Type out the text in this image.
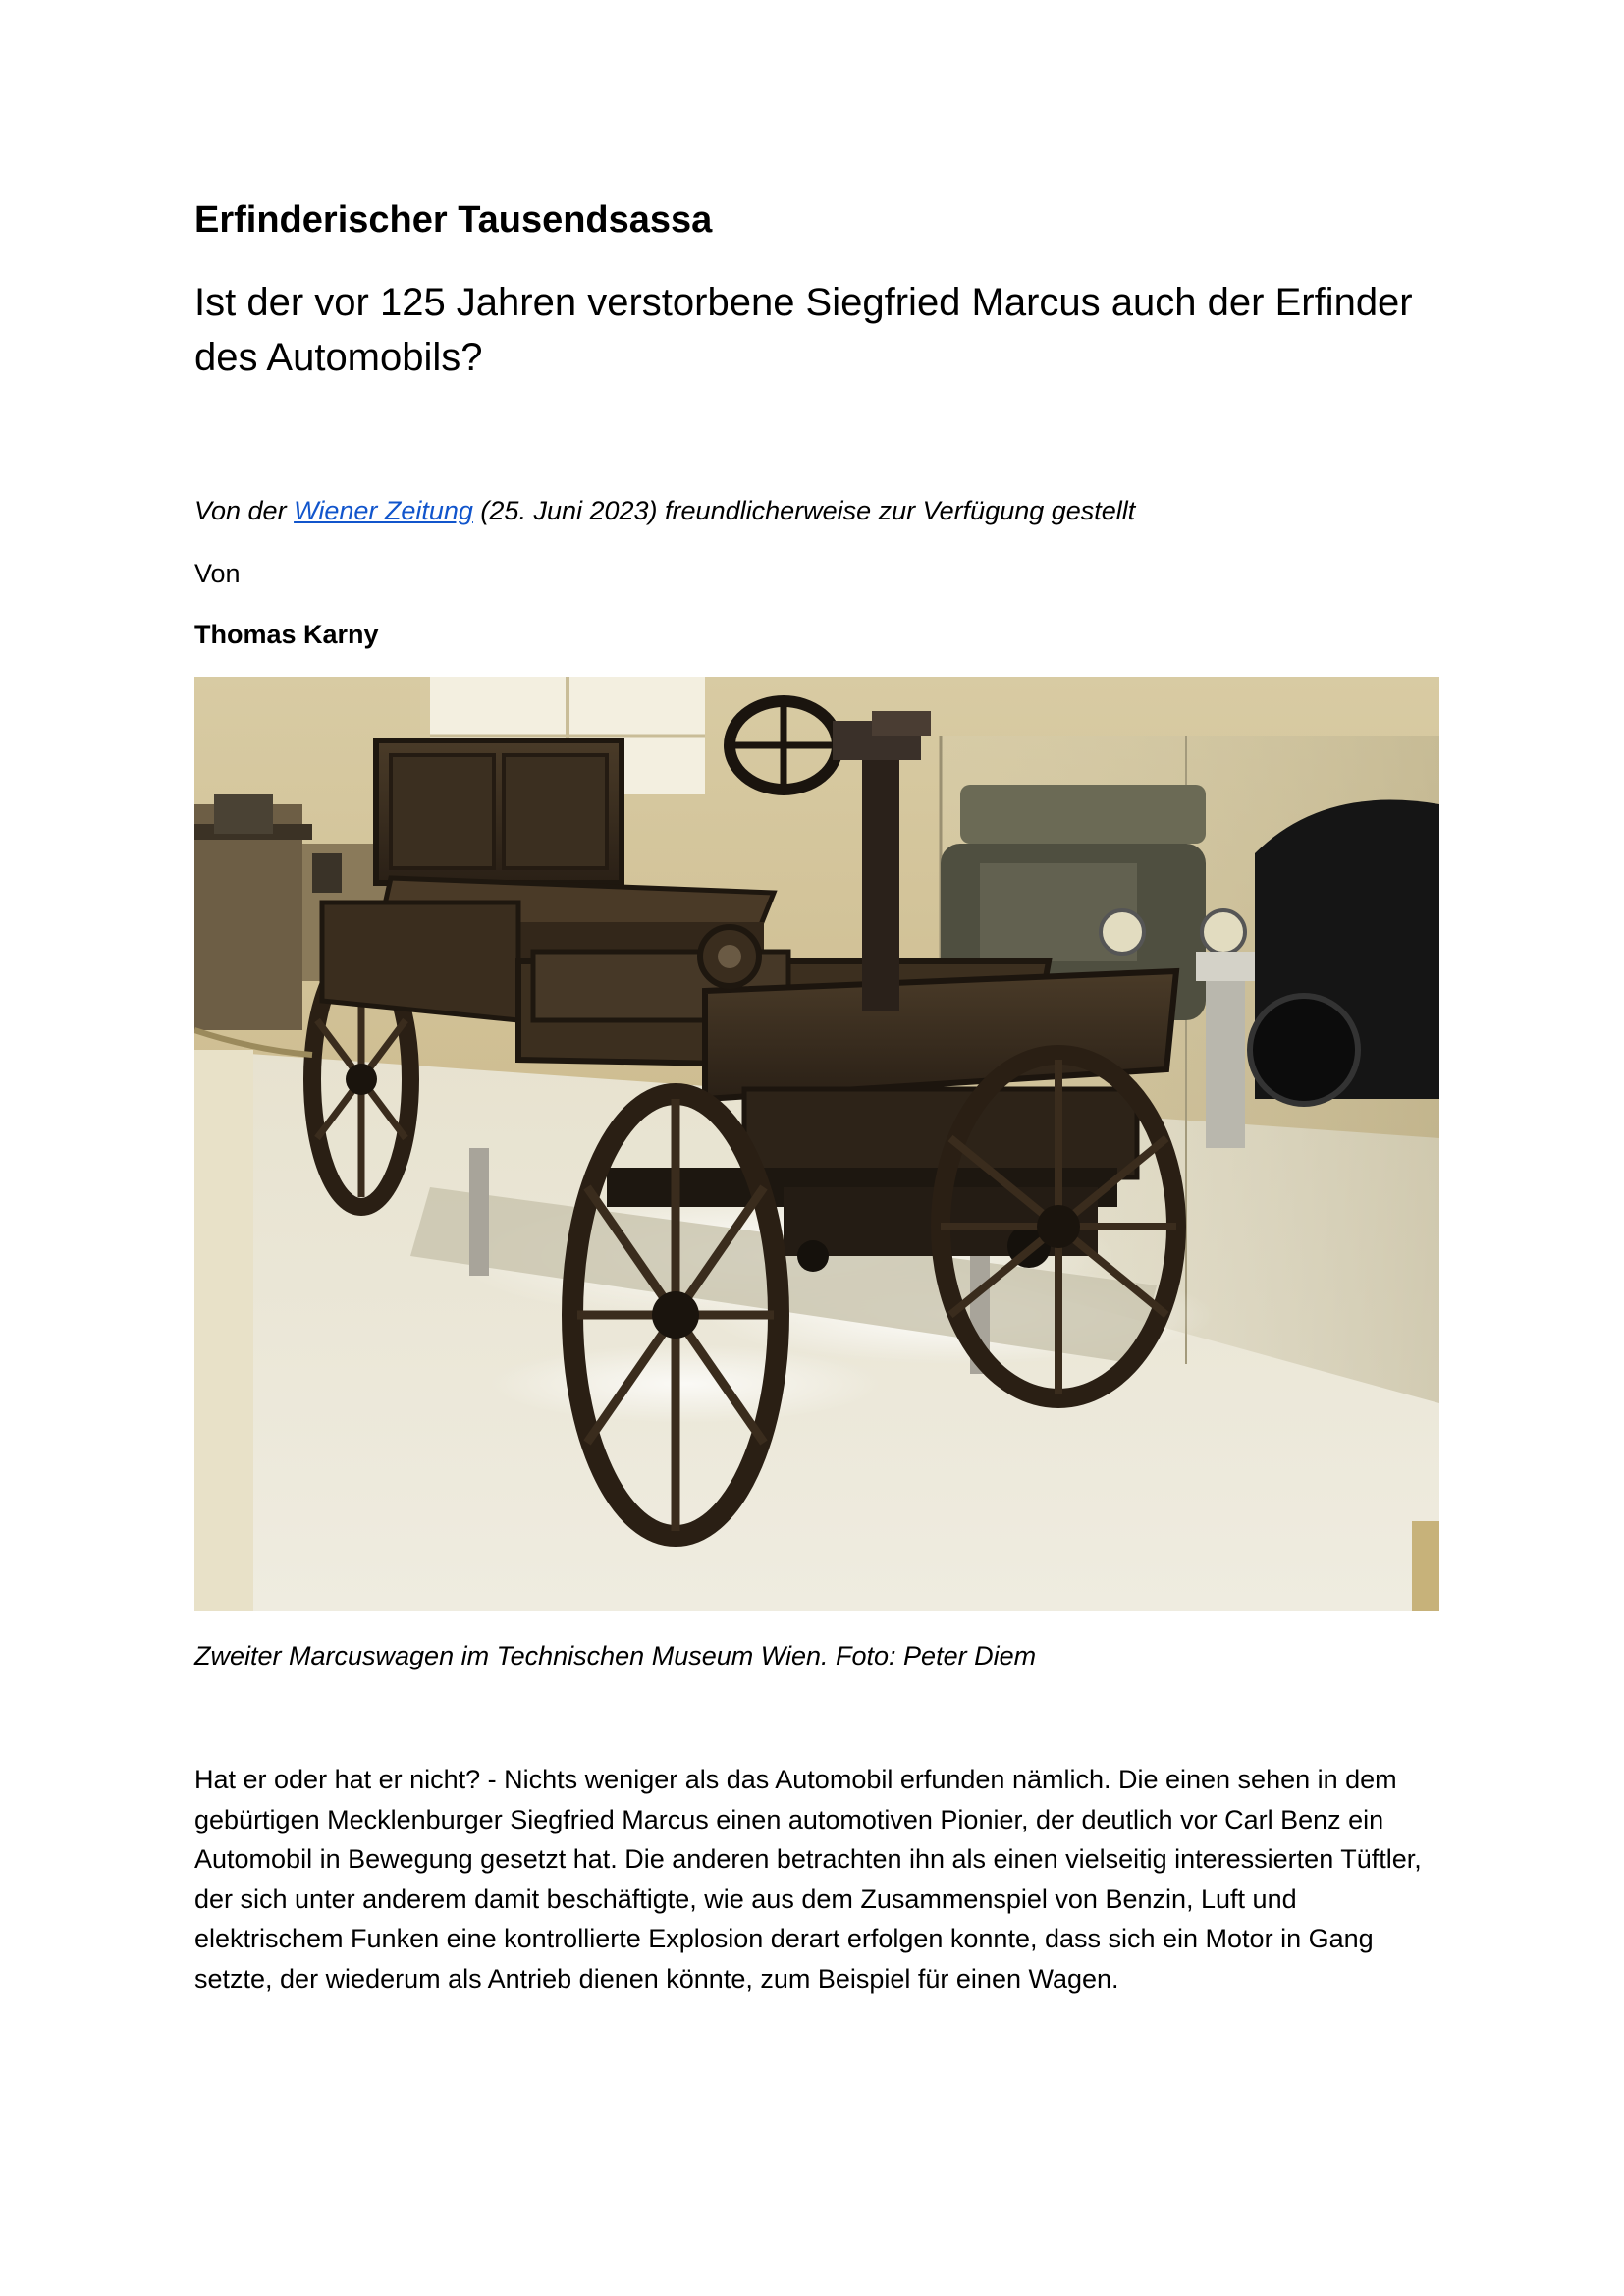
Erfinderischer Tausendsassa
Ist der vor 125 Jahren verstorbene Siegfried Marcus auch der Erfinder des Automobils?

Von der Wiener Zeitung (25. Juni 2023) freundlicherweise zur Verfügung gestellt

Von

Thomas Karny

Zweiter Marcuswagen im Technischen Museum Wien. Foto: Peter Diem

Hat er oder hat er nicht? - Nichts weniger als das Automobil erfunden nämlich. Die einen sehen in dem gebürtigen Mecklenburger Siegfried Marcus einen automotiven Pionier, der deutlich vor Carl Benz ein Automobil in Bewegung gesetzt hat. Die anderen betrachten ihn als einen vielseitig interessierten Tüftler, der sich unter anderem damit beschäftigte, wie aus dem Zusammenspiel von Benzin, Luft und elektrischem Funken eine kontrollierte Explosion derart erfolgen konnte, dass sich ein Motor in Gang setzte, der wiederum als Antrieb dienen könnte, zum Beispiel für einen Wagen.
